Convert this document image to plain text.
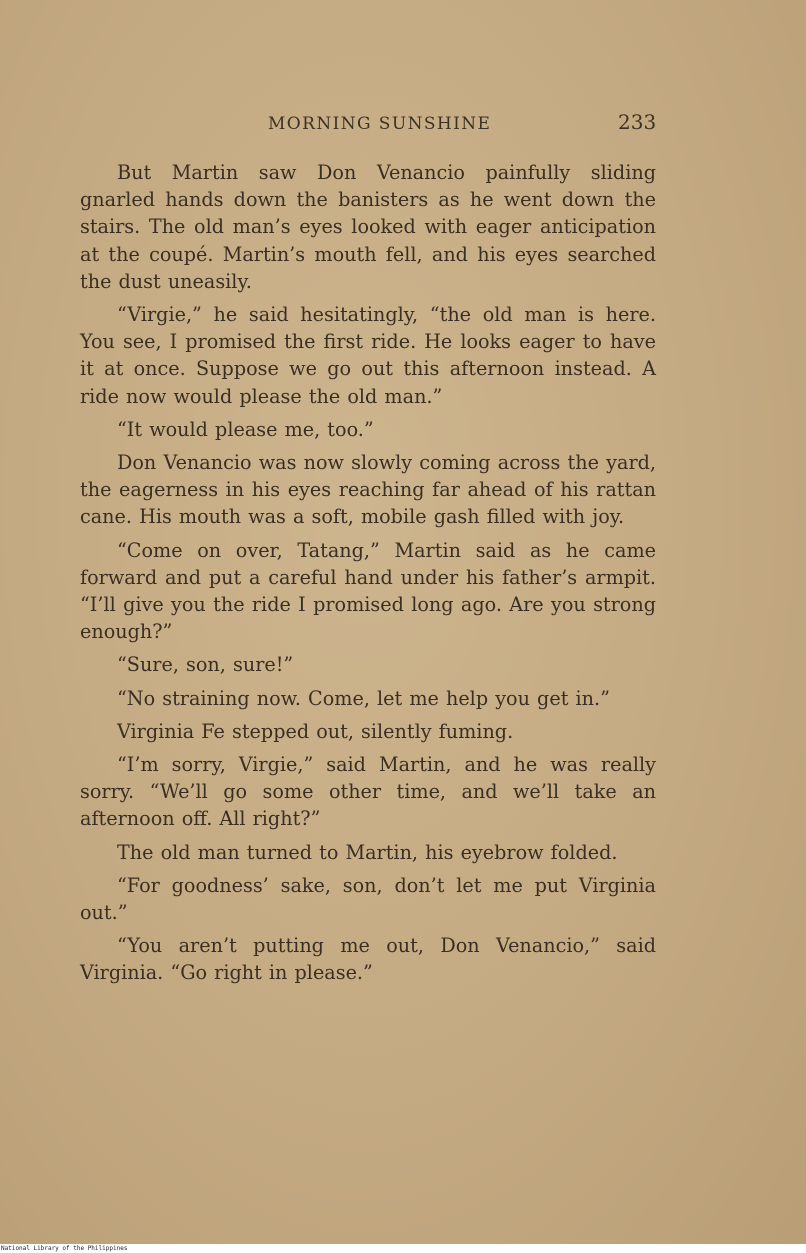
MORNING SUNSHINE	233

But Martin saw Don Venancio painfully sliding gnarled hands down the banisters as he went down the stairs. The old man’s eyes looked with eager anticipation at the coupé. Martin’s mouth fell, and his eyes searched the dust uneasily.

“Virgie,” he said hesitatingly, “the old man is here. You see, I promised the first ride. He looks eager to have it at once. Suppose we go out this afternoon instead. A ride now would please the old man.”

“It would please me, too.”

Don Venancio was now slowly coming across the yard, the eagerness in his eyes reaching far ahead of his rattan cane. His mouth was a soft, mobile gash filled with joy.

“Come on over, Tatang,” Martin said as he came forward and put a careful hand under his father’s armpit. “I’ll give you the ride I promised long ago. Are you strong enough?”

“Sure, son, sure!”

“No straining now. Come, let me help you get in.”

Virginia Fe stepped out, silently fuming.

“I’m sorry, Virgie,” said Martin, and he was really sorry. “We’ll go some other time, and we’ll take an afternoon off. All right?”

The old man turned to Martin, his eyebrow folded.

“For goodness’ sake, son, don’t let me put Virginia out.”

“You aren’t putting me out, Don Venancio,” said Virginia. “Go right in please.”

National Library of the Philippines
